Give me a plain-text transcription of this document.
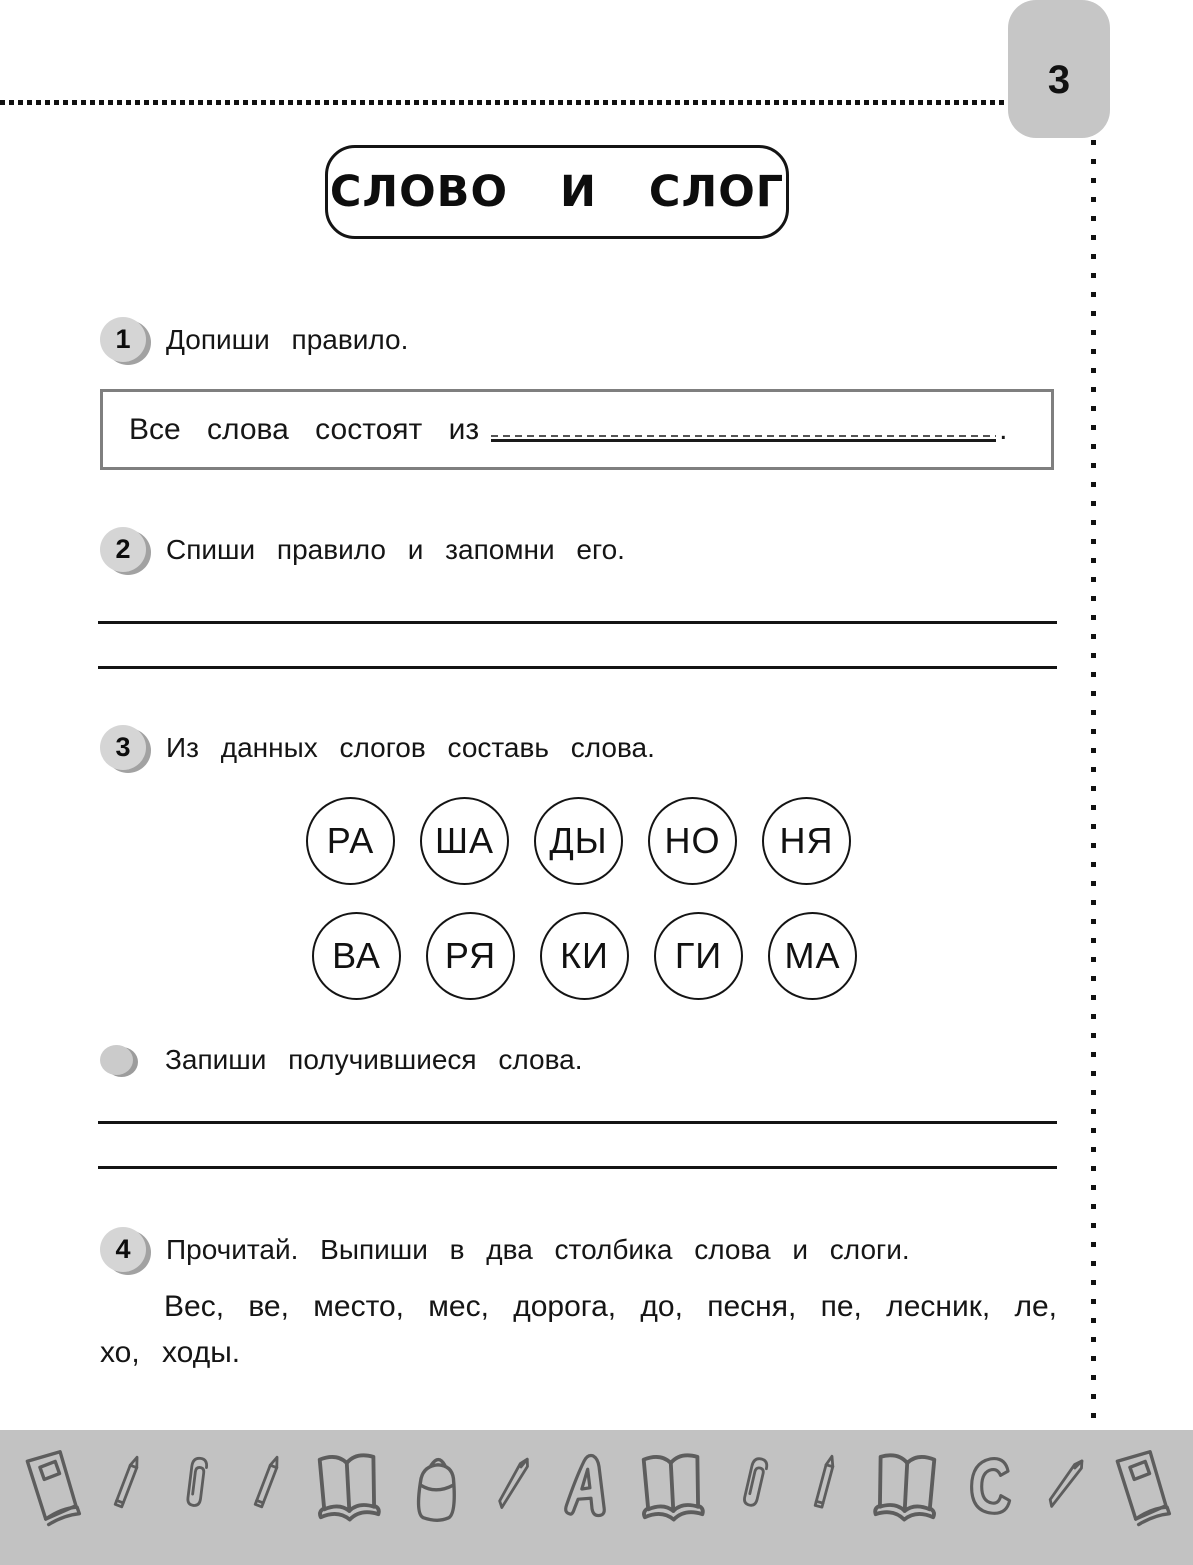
3
СЛОВО И СЛОГ
1 Допиши правило.
Все слова состоят из	.
2 Спиши правило и запомни его.
3 Из данных слогов составь слова.
РА	ША	ДЫ	НО	НЯ
ВА	РЯ	КИ	ГИ	МА
Запиши получившиеся слова.
4 Прочитай. Выпиши в два столбика слова и слоги.
Вес, ве, место, мес, дорога, до, песня, пе, лесник, ле,
хо, ходы.
